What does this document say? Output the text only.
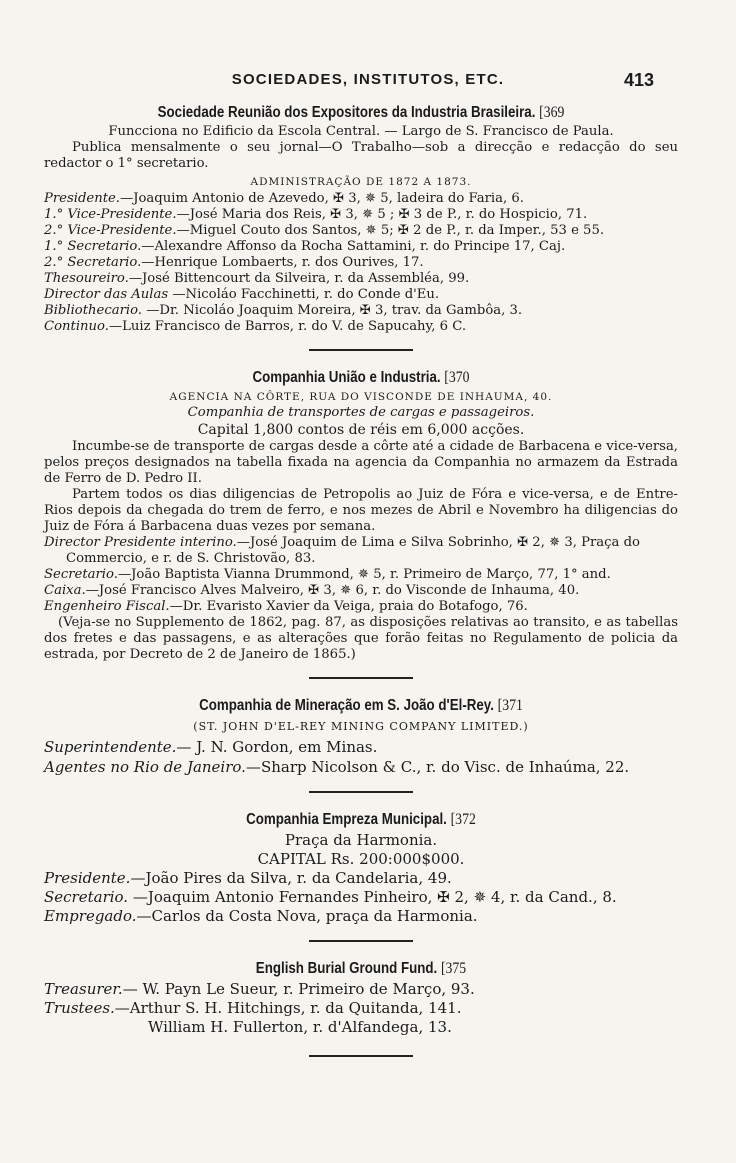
SOCIEDADES, INSTITUTOS, ETC.	413
Sociedade Reunião dos Expositores da Industria Brasileira. [369
Funcciona no Edificio da Escola Central. — Largo de S. Francisco de Paula.
Publica mensalmente o seu jornal—O Trabalho—sob a direcção e redacção do seu redactor o 1° secretario.
ADMINISTRAÇÃO DE 1872 A 1873.
Presidente.—Joaquim Antonio de Azevedo, ✠ 3, ✵ 5, ladeira do Faria, 6.
1.° Vice-Presidente.—José Maria dos Reis, ✠ 3, ✵ 5 ; ✠ 3 de P., r. do Hospicio, 71.
2.° Vice-Presidente.—Miguel Couto dos Santos, ✵ 5; ✠ 2 de P., r. da Imper., 53 e 55.
1.° Secretario.—Alexandre Affonso da Rocha Sattamini, r. do Principe 17, Caj.
2.° Secretario.—Henrique Lombaerts, r. dos Ourives, 17.
Thesoureiro.—José Bittencourt da Silveira, r. da Assembléa, 99.
Director das Aulas —Nicoláo Facchinetti, r. do Conde d'Eu.
Bibliothecario. —Dr. Nicoláo Joaquim Moreira, ✠ 3, trav. da Gambôa, 3.
Continuo.—Luiz Francisco de Barros, r. do V. de Sapucahy, 6 C.
Companhia União e Industria. [370
AGENCIA NA CÔRTE, RUA DO VISCONDE DE INHAUMA, 40.
Companhia de transportes de cargas e passageiros.
Capital 1,800 contos de réis em 6,000 acções.
Incumbe-se de transporte de cargas desde a côrte até a cidade de Barbacena e vice-versa, pelos preços designados na tabella fixada na agencia da Companhia no armazem da Estrada de Ferro de D. Pedro II.
Partem todos os dias diligencias de Petropolis ao Juiz de Fóra e vice-versa, e de Entre-Rios depois da chegada do trem de ferro, e nos mezes de Abril e Novembro ha diligencias do Juiz de Fóra á Barbacena duas vezes por semana.
Director Presidente interino.—José Joaquim de Lima e Silva Sobrinho, ✠ 2, ✵ 3, Praça do Commercio, e r. de S. Christovão, 83.
Secretario.—João Baptista Vianna Drummond, ✵ 5, r. Primeiro de Março, 77, 1° and.
Caixa.—José Francisco Alves Malveiro, ✠ 3, ✵ 6, r. do Visconde de Inhauma, 40.
Engenheiro Fiscal.—Dr. Evaristo Xavier da Veiga, praia do Botafogo, 76.
(Veja-se no Supplemento de 1862, pag. 87, as disposições relativas ao transito, e as tabellas dos fretes e das passagens, e as alterações que forão feitas no Regulamento de policia da estrada, por Decreto de 2 de Janeiro de 1865.)
Companhia de Mineração em S. João d'El-Rey. [371
(ST. JOHN D'EL-REY MINING COMPANY LIMITED.)
Superintendente.— J. N. Gordon, em Minas.
Agentes no Rio de Janeiro.—Sharp Nicolson & C., r. do Visc. de Inhaúma, 22.
Companhia Empreza Municipal. [372
Praça da Harmonia.
CAPITAL Rs. 200:000$000.
Presidente.—João Pires da Silva, r. da Candelaria, 49.
Secretario. —Joaquim Antonio Fernandes Pinheiro, ✠ 2, ✵ 4, r. da Cand., 8.
Empregado.—Carlos da Costa Nova, praça da Harmonia.
English Burial Ground Fund. [375
Treasurer.— W. Payn Le Sueur, r. Primeiro de Março, 93.
Trustees.—Arthur S. H. Hitchings, r. da Quitanda, 141.
William H. Fullerton, r. d'Alfandega, 13.
